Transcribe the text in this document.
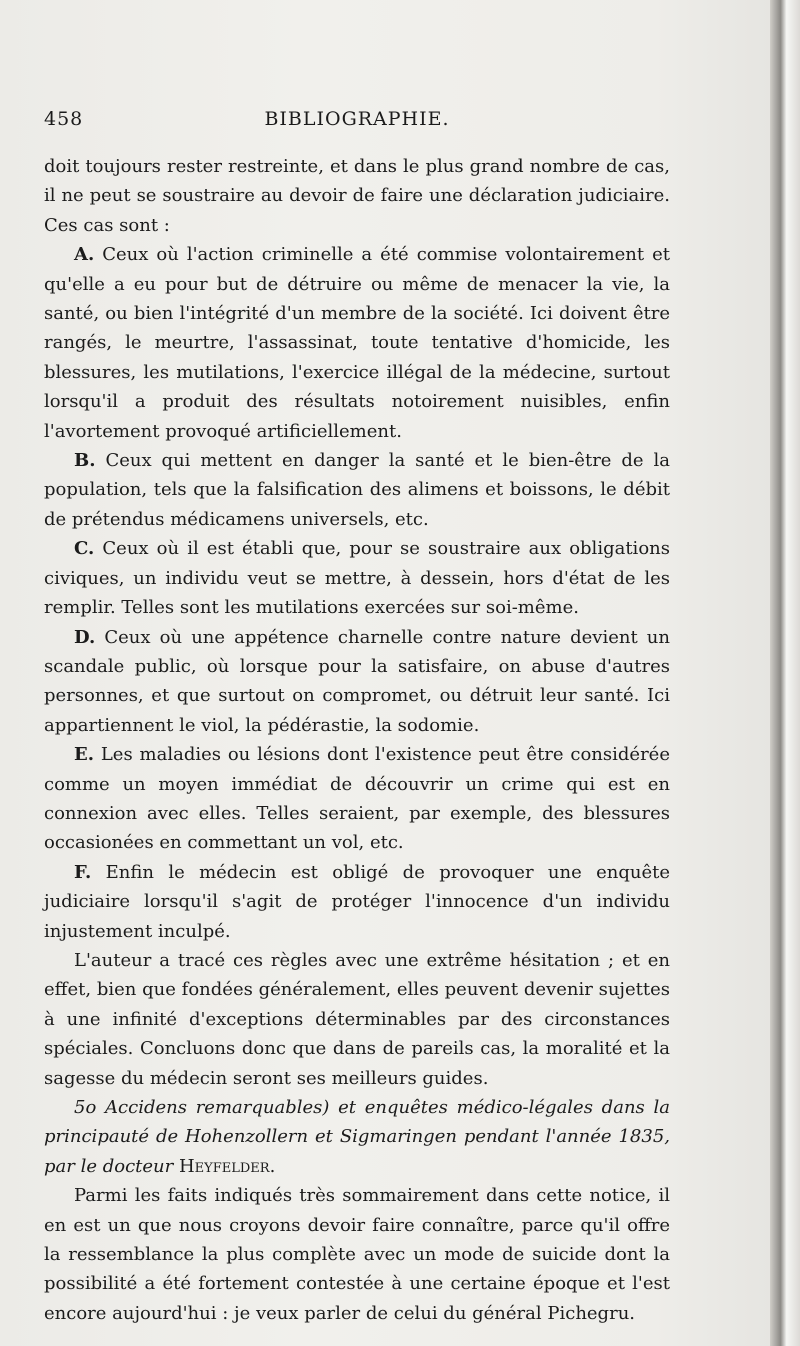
458	BIBLIOGRAPHIE.

doit toujours rester restreinte, et dans le plus grand nombre de cas, il ne peut se soustraire au devoir de faire une déclaration judiciaire. Ces cas sont :

A. Ceux où l'action criminelle a été commise volontairement et qu'elle a eu pour but de détruire ou même de menacer la vie, la santé, ou bien l'intégrité d'un membre de la société. Ici doivent être rangés, le meurtre, l'assassinat, toute tentative d'homicide, les blessures, les mutilations, l'exercice illégal de la médecine, surtout lorsqu'il a produit des résultats notoirement nuisibles, enfin l'avortement provoqué artificiellement.

B. Ceux qui mettent en danger la santé et le bien-être de la population, tels que la falsification des alimens et boissons, le débit de prétendus médicamens universels, etc.

C. Ceux où il est établi que, pour se soustraire aux obligations civiques, un individu veut se mettre, à dessein, hors d'état de les remplir. Telles sont les mutilations exercées sur soi-même.

D. Ceux où une appétence charnelle contre nature devient un scandale public, où lorsque pour la satisfaire, on abuse d'autres personnes, et que surtout on compromet, ou détruit leur santé. Ici appartiennent le viol, la pédérastie, la sodomie.

E. Les maladies ou lésions dont l'existence peut être considérée comme un moyen immédiat de découvrir un crime qui est en connexion avec elles. Telles seraient, par exemple, des blessures occasionées en commettant un vol, etc.

F. Enfin le médecin est obligé de provoquer une enquête judiciaire lorsqu'il s'agit de protéger l'innocence d'un individu injustement inculpé.

L'auteur a tracé ces règles avec une extrême hésitation ; et en effet, bien que fondées généralement, elles peuvent devenir sujettes à une infinité d'exceptions déterminables par des circonstances spéciales. Concluons donc que dans de pareils cas, la moralité et la sagesse du médecin seront ses meilleurs guides.

5o Accidens remarquables) et enquêtes médico-légales dans la principauté de Hohenzollern et Sigmaringen pendant l'année 1835, par le docteur Heyfelder.

Parmi les faits indiqués très sommairement dans cette notice, il en est un que nous croyons devoir faire connaître, parce qu'il offre la ressemblance la plus complète avec un mode de suicide dont la possibilité a été fortement contestée à une certaine époque et l'est encore aujourd'hui : je veux parler de celui du général Pichegru.
